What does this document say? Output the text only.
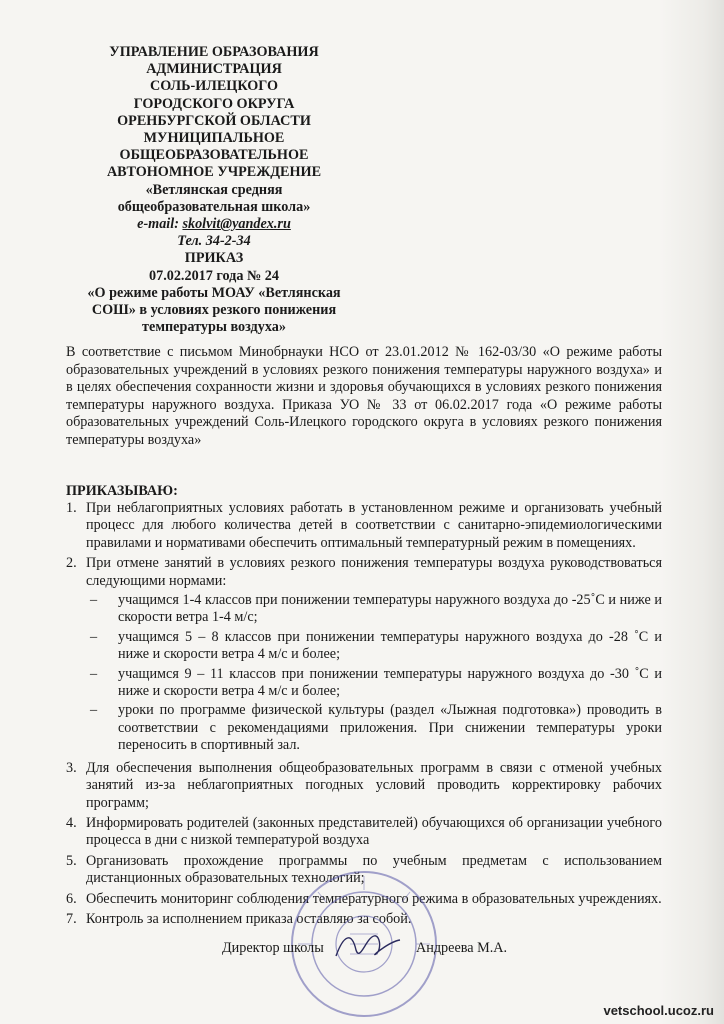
УПРАВЛЕНИЕ ОБРАЗОВАНИЯ
АДМИНИСТРАЦИЯ
СОЛЬ-ИЛЕЦКОГО
ГОРОДСКОГО ОКРУГА
ОРЕНБУРГСКОЙ ОБЛАСТИ
МУНИЦИПАЛЬНОЕ
ОБЩЕОБРАЗОВАТЕЛЬНОЕ
АВТОНОМНОЕ УЧРЕЖДЕНИЕ
«Ветлянская средняя
общеобразовательная школа»
e-mail: skolvit@yandex.ru
Тел. 34-2-34
ПРИКАЗ
07.02.2017 года № 24
«О режиме работы МОАУ «Ветлянская
СОШ» в условиях резкого понижения
температуры воздуха»
В соответствие с письмом Минобрнауки НСО от 23.01.2012 № 162-03/30 «О режиме работы образовательных учреждений в условиях резкого понижения температуры наружного воздуха» и в целях обеспечения сохранности жизни и здоровья обучающихся в условиях резкого понижения температуры наружного воздуха. Приказа УО № 33 от 06.02.2017 года «О режиме работы образовательных учреждений Соль-Илецкого городского округа в условиях резкого понижения температуры воздуха»
ПРИКАЗЫВАЮ:
1. При неблагоприятных условиях работать в установленном режиме и организовать учебный процесс для любого количества детей в соответствии с санитарно-эпидемиологическими правилами и нормативами обеспечить оптимальный температурный режим в помещениях.
2. При отмене занятий в условиях резкого понижения температуры воздуха руководствоваться следующими нормами:
–	учащимся 1-4 классов при понижении температуры наружного воздуха до -25˚С и ниже и скорости ветра 1-4 м/с;
–	учащимся 5 – 8 классов при понижении температуры наружного воздуха до -28 ˚С и ниже и скорости ветра 4 м/с и более;
–	учащимся 9 – 11 классов при понижении температуры наружного воздуха до -30 ˚С и ниже и скорости ветра 4 м/с и более;
–	уроки по программе физической культуры (раздел «Лыжная подготовка») проводить в соответствии с рекомендациями приложения. При снижении температуры уроки переносить в спортивный зал.
3. Для обеспечения выполнения общеобразовательных программ в связи с отменой учебных занятий из-за неблагоприятных погодных условий проводить корректировку рабочих программ;
4. Информировать родителей (законных представителей) обучающихся об организации учебного процесса в дни с низкой температурой воздуха
5. Организовать прохождение программы по учебным предметам с использованием дистанционных образовательных технологий;
6. Обеспечить мониторинг соблюдения температурного режима в образовательных учреждениях.
7. Контроль за исполнением приказа оставляю за собой.
Директор школы	Андреева М.А.
vetschool.ucoz.ru
